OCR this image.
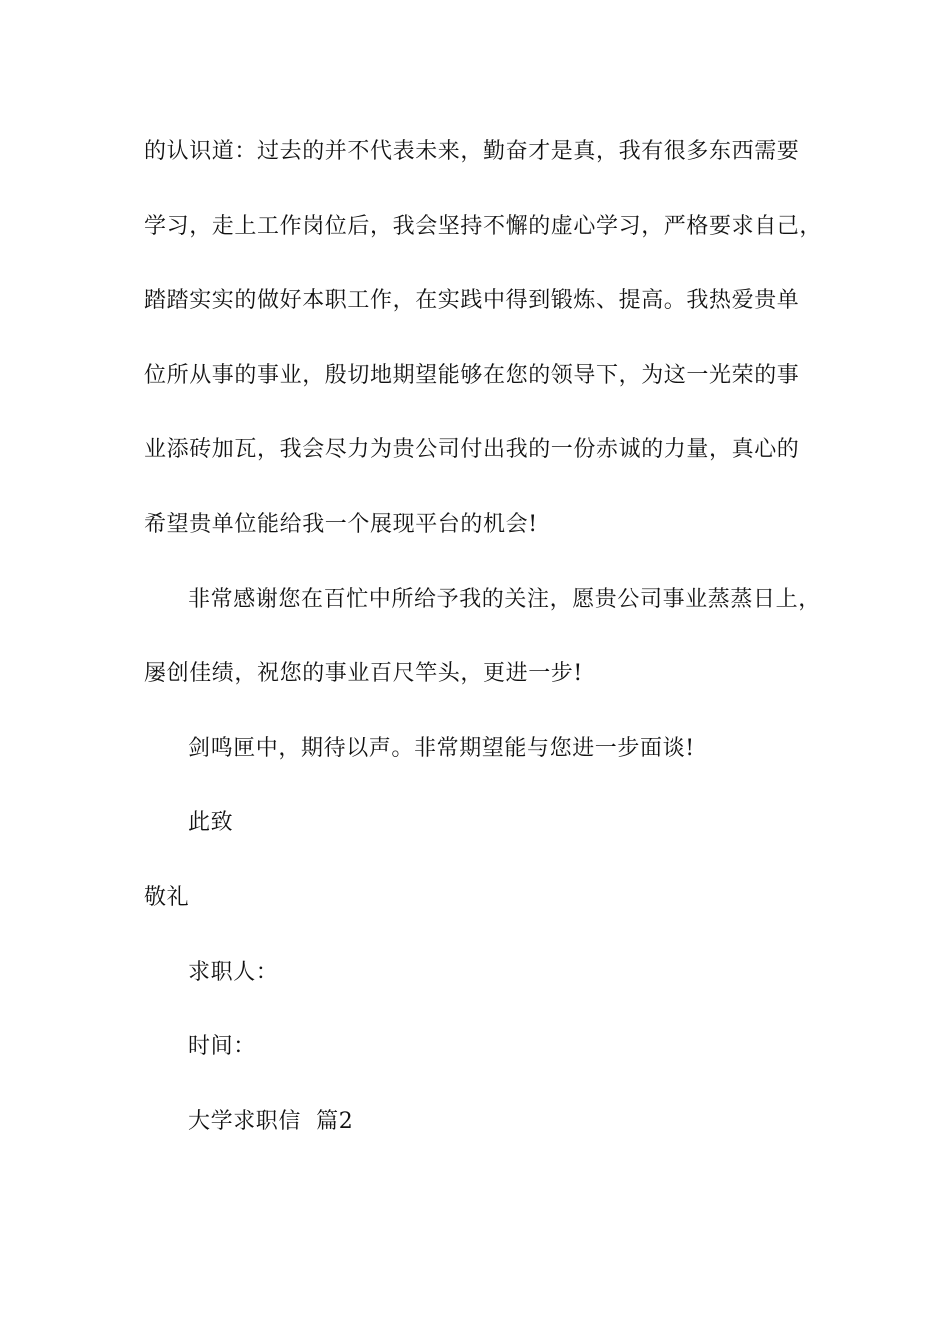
的认识道：过去的并不代表未来，勤奋才是真，我有很多东西需要
学习，走上工作岗位后，我会坚持不懈的虚心学习，严格要求自己，
踏踏实实的做好本职工作，在实践中得到锻炼、提高。我热爱贵单
位所从事的事业，殷切地期望能够在您的领导下，为这一光荣的事
业添砖加瓦，我会尽力为贵公司付出我的一份赤诚的力量，真心的
希望贵单位能给我一个展现平台的机会!
非常感谢您在百忙中所给予我的关注，愿贵公司事业蒸蒸日上，
屡创佳绩，祝您的事业百尺竿头，更进一步!
剑鸣匣中，期待以声。非常期望能与您进一步面谈!
此致
敬礼
求职人：
时间：
大学求职信  篇2
